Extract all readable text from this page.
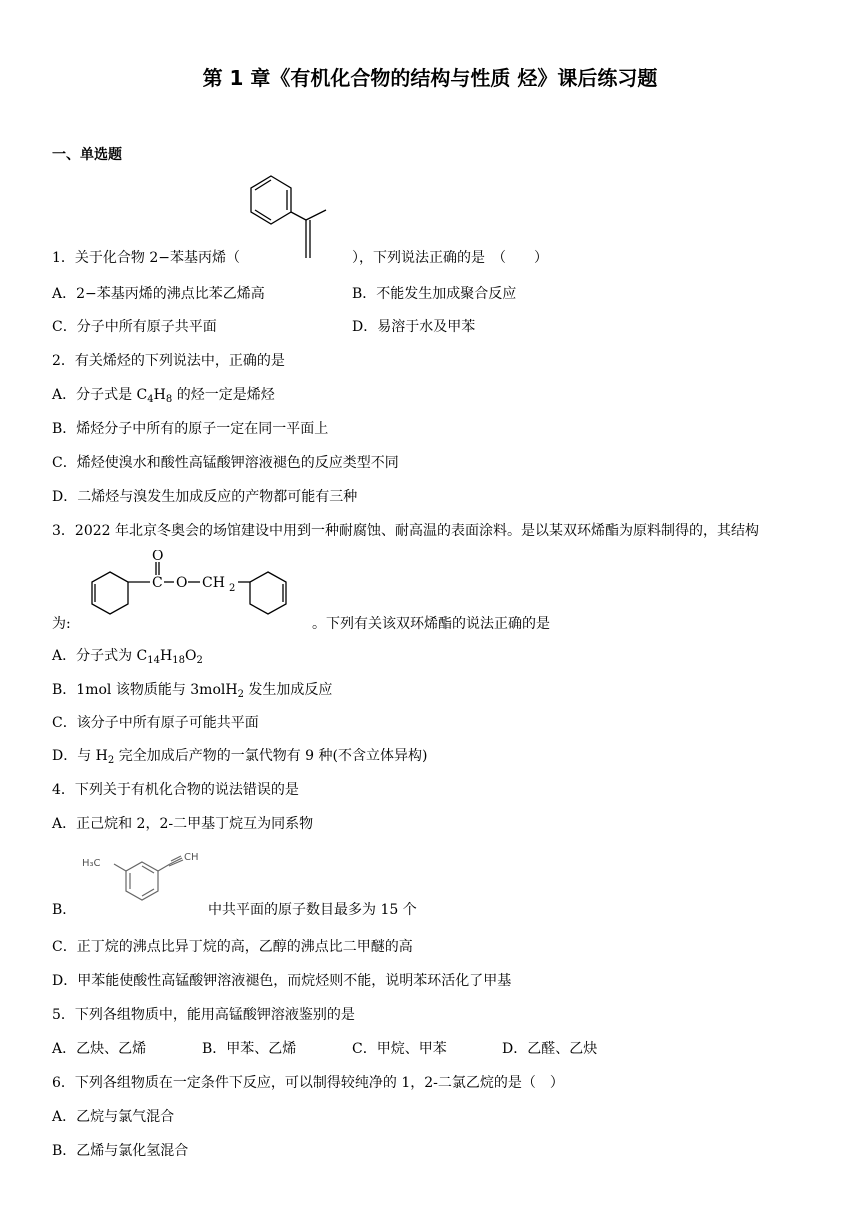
第 1 章《有机化合物的结构与性质 烃》课后练习题
一、单选题
1．关于化合物 2−苯基丙烯（	），下列说法正确的是　（　　）
A．2−苯基丙烯的沸点比苯乙烯高	B．不能发生加成聚合反应
C．分子中所有原子共平面	D．易溶于水及甲苯
2．有关烯烃的下列说法中，正确的是
A．分子式是 $C_4H_8$ 的烃一定是烯烃
B．烯烃分子中所有的原子一定在同一平面上
C．烯烃使溴水和酸性高锰酸钾溶液褪色的反应类型不同
D．二烯烃与溴发生加成反应的产物都可能有三种
3．2022 年北京冬奥会的场馆建设中用到一种耐腐蚀、耐高温的表面涂料。是以某双环烯酯为原料制得的，其结构
O
C O CH 2
为:	。下列有关该双环烯酯的说法正确的是
A．分子式为 $C_{14}H_{18}O_2$
B．1mol 该物质能与 3molH$_2$ 发生加成反应
C．该分子中所有原子可能共平面
D．与 $H_2$ 完全加成后产物的一氯代物有 9 种(不含立体异构)
4．下列关于有机化合物的说法错误的是
A．正己烷和 2，2-二甲基丁烷互为同系物
H₃C
CH
B．	中共平面的原子数目最多为 15 个
C．正丁烷的沸点比异丁烷的高，乙醇的沸点比二甲醚的高
D．甲苯能使酸性高锰酸钾溶液褪色，而烷烃则不能，说明苯环活化了甲基
5．下列各组物质中，能用高锰酸钾溶液鉴别的是
A．乙炔、乙烯	B．甲苯、乙烯	C．甲烷、甲苯	D．乙醛、乙炔
6．下列各组物质在一定条件下反应，可以制得较纯净的 1，2-二氯乙烷的是（　）
A．乙烷与氯气混合
B．乙烯与氯化氢混合
